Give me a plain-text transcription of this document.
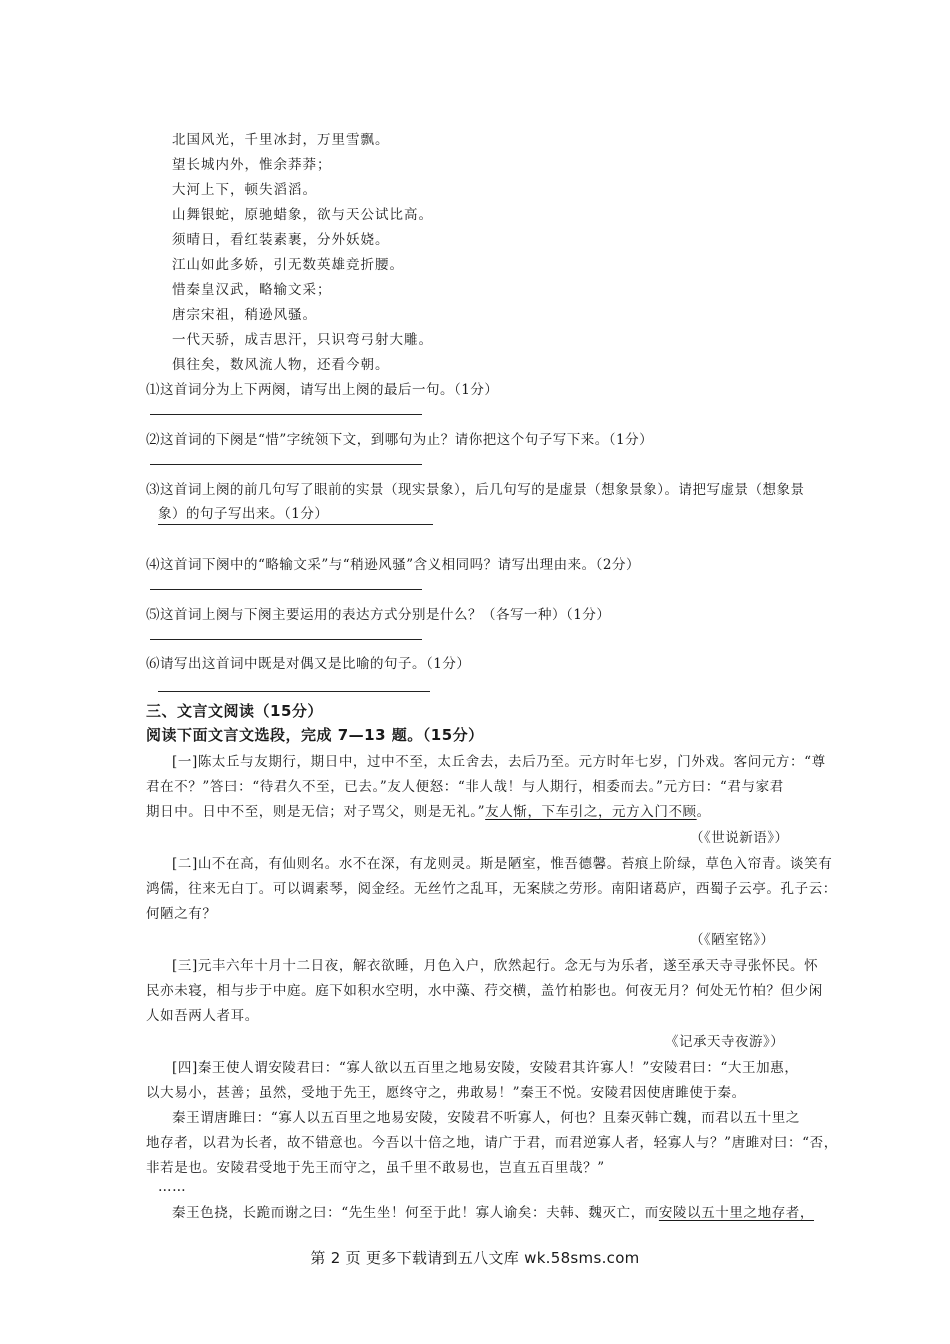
北国风光，千里冰封，万里雪飘。
望长城内外，惟余莽莽；
大河上下，顿失滔滔。
山舞银蛇，原驰蜡象，欲与天公试比高。
须晴日，看红装素裹，分外妖娆。
江山如此多娇，引无数英雄竞折腰。
惜秦皇汉武，略输文采；
唐宗宋祖，稍逊风骚。
一代天骄，成吉思汗，只识弯弓射大雕。
俱往矣，数风流人物，还看今朝。
⑴这首词分为上下两阕，请写出上阕的最后一句。（1分）
⑵这首词的下阕是“惜”字统领下文，到哪句为止？请你把这个句子写下来。（1分）
⑶这首词上阕的前几句写了眼前的实景（现实景象），后几句写的是虚景（想象景象）。请把写虚景（想象景
象）的句子写出来。（1分）
⑷这首词下阕中的“略输文采”与“稍逊风骚”含义相同吗？请写出理由来。（2分）
⑸这首词上阕与下阕主要运用的表达方式分别是什么？（各写一种）（1分）
⑹请写出这首词中既是对偶又是比喻的句子。（1分）
三、文言文阅读（15分）
阅读下面文言文选段，完成 7—13 题。（15分）
[一]陈太丘与友期行，期日中，过中不至，太丘舍去，去后乃至。元方时年七岁，门外戏。客问元方：“尊
君在不？”答曰：“待君久不至，已去。”友人便怒：“非人哉！与人期行，相委而去。”元方曰：“君与家君
期日中。日中不至，则是无信；对子骂父，则是无礼。”友人惭，下车引之，元方入门不顾。
（《世说新语》）
[二]山不在高，有仙则名。水不在深，有龙则灵。斯是陋室，惟吾德馨。苔痕上阶绿，草色入帘青。谈笑有
鸿儒，往来无白丁。可以调素琴，阅金经。无丝竹之乱耳，无案牍之劳形。南阳诸葛庐，西蜀子云亭。孔子云：
何陋之有？
（《陋室铭》）
[三]元丰六年十月十二日夜，解衣欲睡，月色入户，欣然起行。念无与为乐者，遂至承天寺寻张怀民。怀
民亦未寝，相与步于中庭。庭下如积水空明，水中藻、荇交横，盖竹柏影也。何夜无月？何处无竹柏？但少闲
人如吾两人者耳。
《记承天寺夜游》）
[四]秦王使人谓安陵君曰：“寡人欲以五百里之地易安陵，安陵君其许寡人！”安陵君曰：“大王加惠，
以大易小，甚善；虽然，受地于先王，愿终守之，弗敢易！”秦王不悦。安陵君因使唐雎使于秦。
秦王谓唐雎曰：“寡人以五百里之地易安陵，安陵君不听寡人，何也？且秦灭韩亡魏，而君以五十里之
地存者，以君为长者，故不错意也。今吾以十倍之地，请广于君，而君逆寡人者，轻寡人与？”唐雎对曰：“否，
非若是也。安陵君受地于先王而守之，虽千里不敢易也，岂直五百里哉？”
……
秦王色挠，长跪而谢之曰：“先生坐！何至于此！寡人谕矣：夫韩、魏灭亡，而安陵以五十里之地存者，
第 2 页 更多下载请到五八文库 wk.58sms.com
